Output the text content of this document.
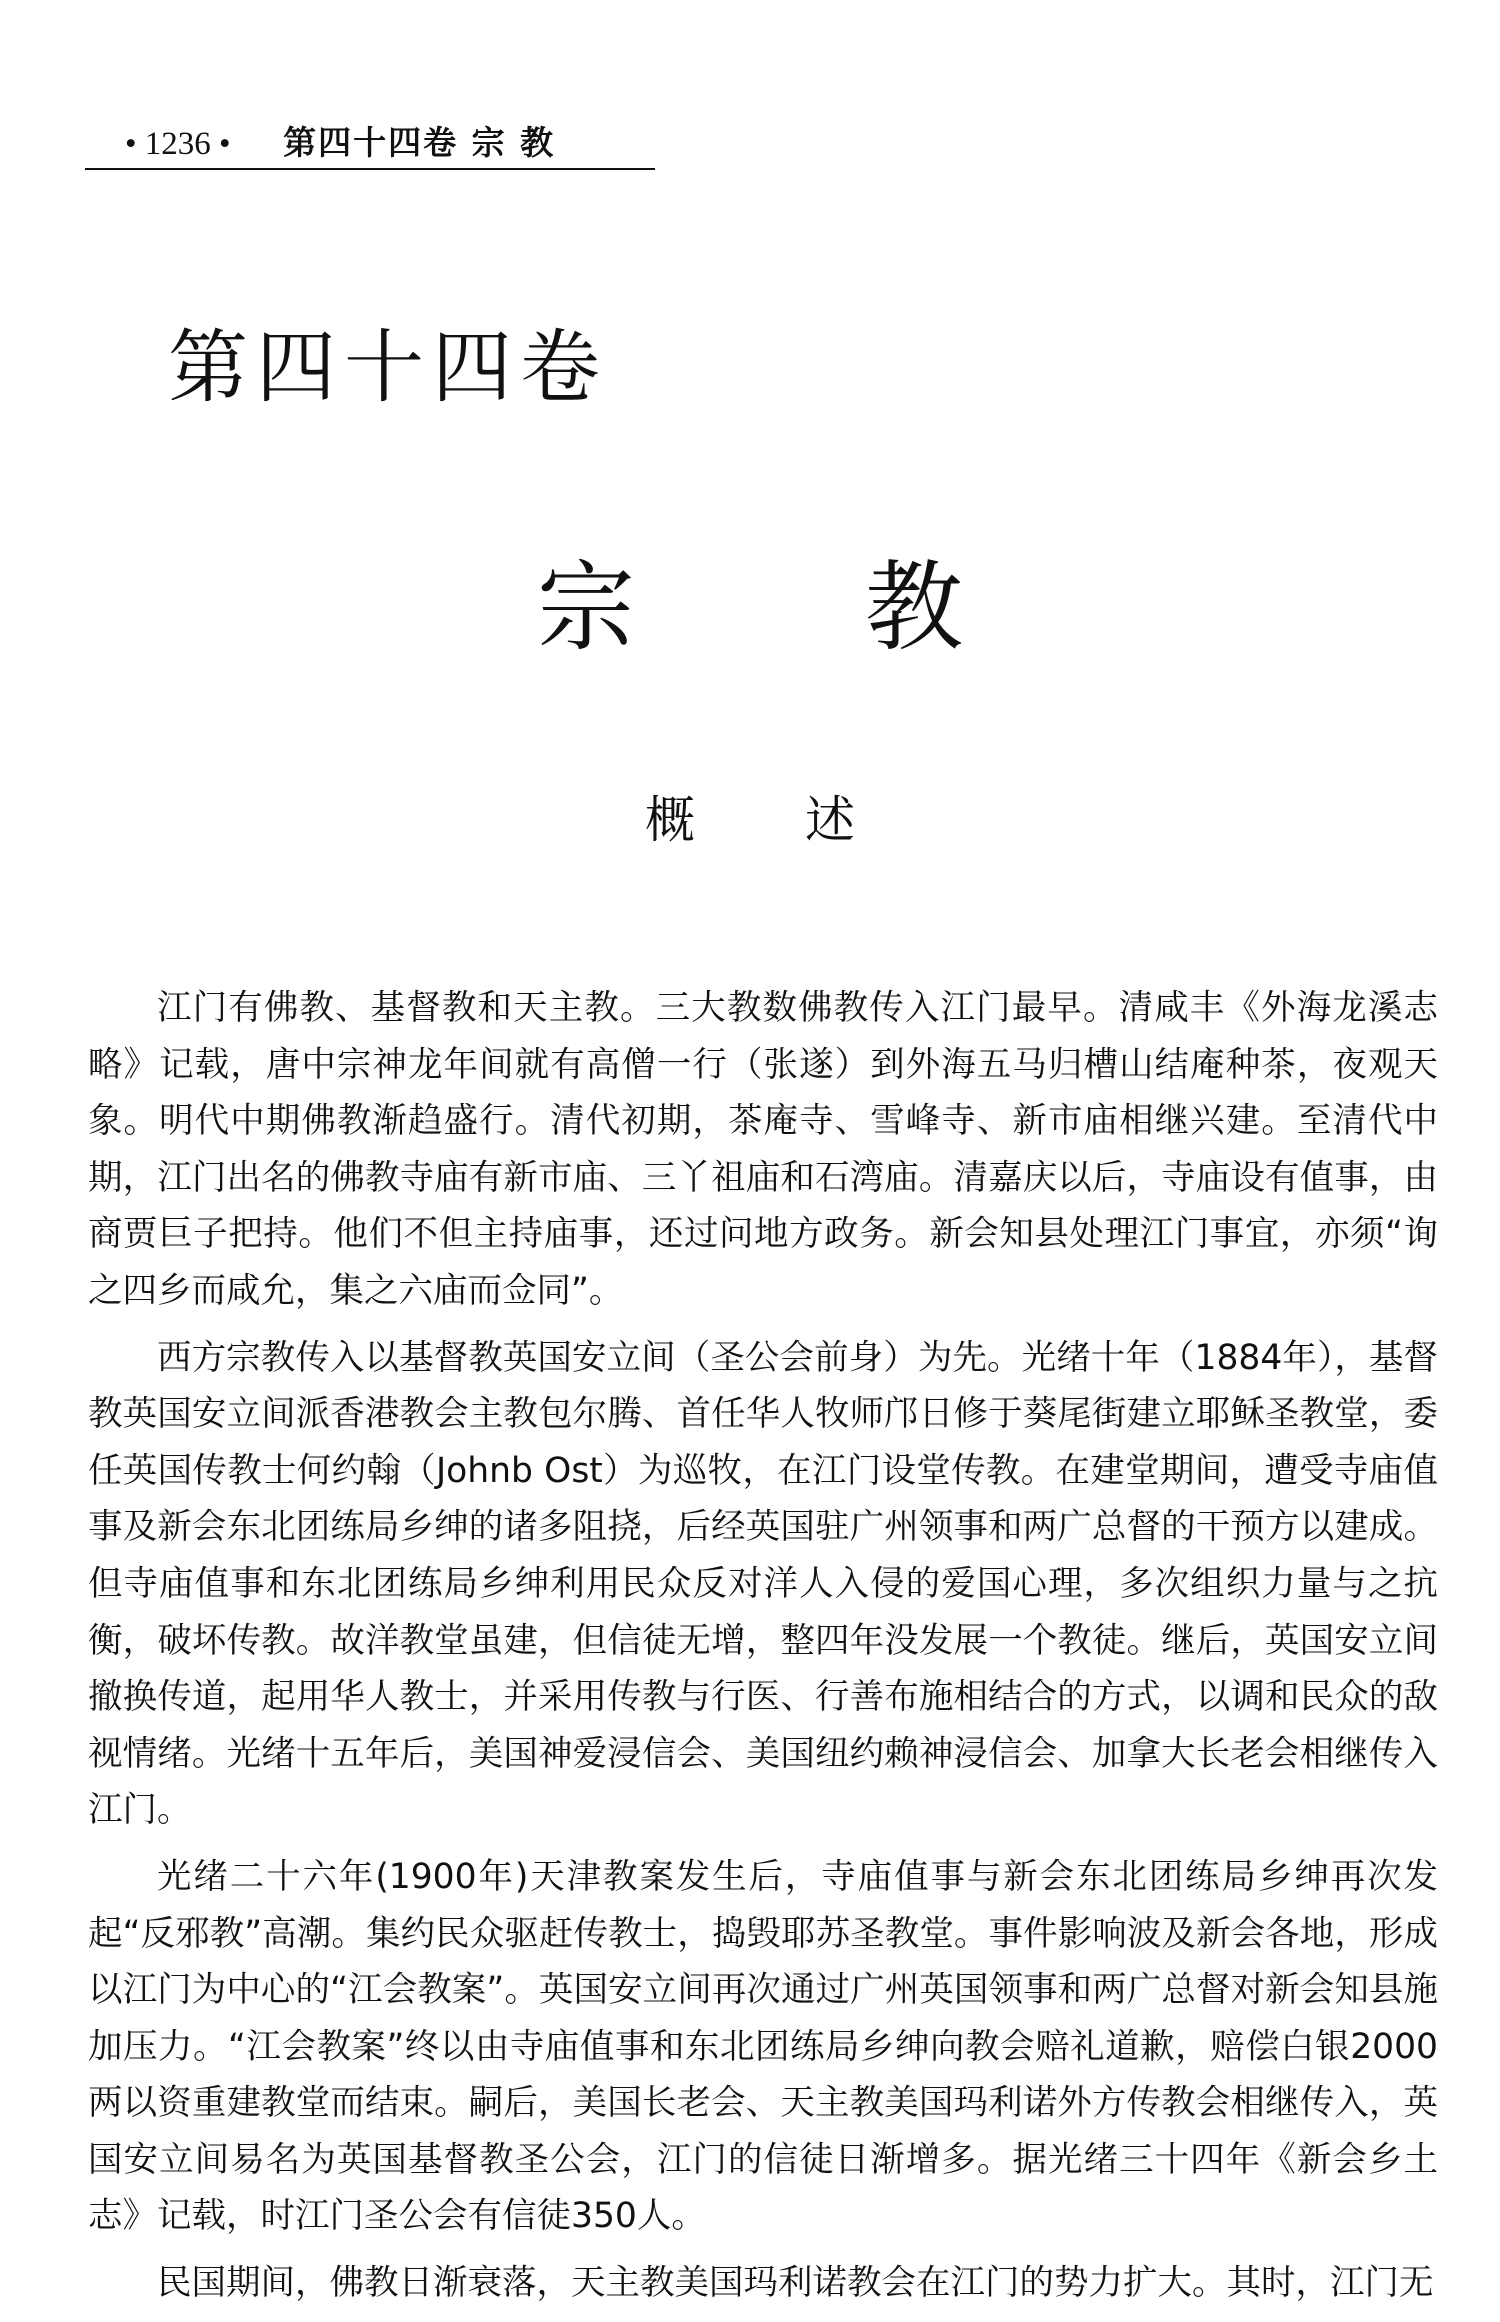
• 1236 • 第四十四卷 宗 教
第四十四卷
宗 教
概 述

江门有佛教、基督教和天主教。三大教数佛教传入江门最早。清咸丰《外海龙溪志略》记载，唐中宗神龙年间就有高僧一行（张遂）到外海五马归槽山结庵种茶，夜观天象。明代中期佛教渐趋盛行。清代初期，茶庵寺、雪峰寺、新市庙相继兴建。至清代中期，江门出名的佛教寺庙有新市庙、三丫祖庙和石湾庙。清嘉庆以后，寺庙设有值事，由商贾巨子把持。他们不但主持庙事，还过问地方政务。新会知县处理江门事宜，亦须“询之四乡而咸允，集之六庙而佥同”。

西方宗教传入以基督教英国安立间（圣公会前身）为先。光绪十年（1884年），基督教英国安立间派香港教会主教包尔腾、首任华人牧师邝日修于葵尾街建立耶稣圣教堂，委任英国传教士何约翰（Johnb Ost）为巡牧，在江门设堂传教。在建堂期间，遭受寺庙值事及新会东北团练局乡绅的诸多阻挠，后经英国驻广州领事和两广总督的干预方以建成。但寺庙值事和东北团练局乡绅利用民众反对洋人入侵的爱国心理，多次组织力量与之抗衡，破坏传教。故洋教堂虽建，但信徒无增，整四年没发展一个教徒。继后，英国安立间撤换传道，起用华人教士，并采用传教与行医、行善布施相结合的方式，以调和民众的敌视情绪。光绪十五年后，美国神爱浸信会、美国纽约赖神浸信会、加拿大长老会相继传入江门。

光绪二十六年(1900年)天津教案发生后，寺庙值事与新会东北团练局乡绅再次发起“反邪教”高潮。集约民众驱赶传教士，捣毁耶苏圣教堂。事件影响波及新会各地，形成以江门为中心的“江会教案”。英国安立间再次通过广州英国领事和两广总督对新会知县施加压力。“江会教案”终以由寺庙值事和东北团练局乡绅向教会赔礼道歉，赔偿白银2000两以资重建教堂而结束。嗣后，美国长老会、天主教美国玛利诺外方传教会相继传入，英国安立间易名为英国基督教圣公会，江门的信徒日渐增多。据光绪三十四年《新会乡土志》记载，时江门圣公会有信徒350人。

民国期间，佛教日渐衰落，天主教美国玛利诺教会在江门的势力扩大。其时，江门无
